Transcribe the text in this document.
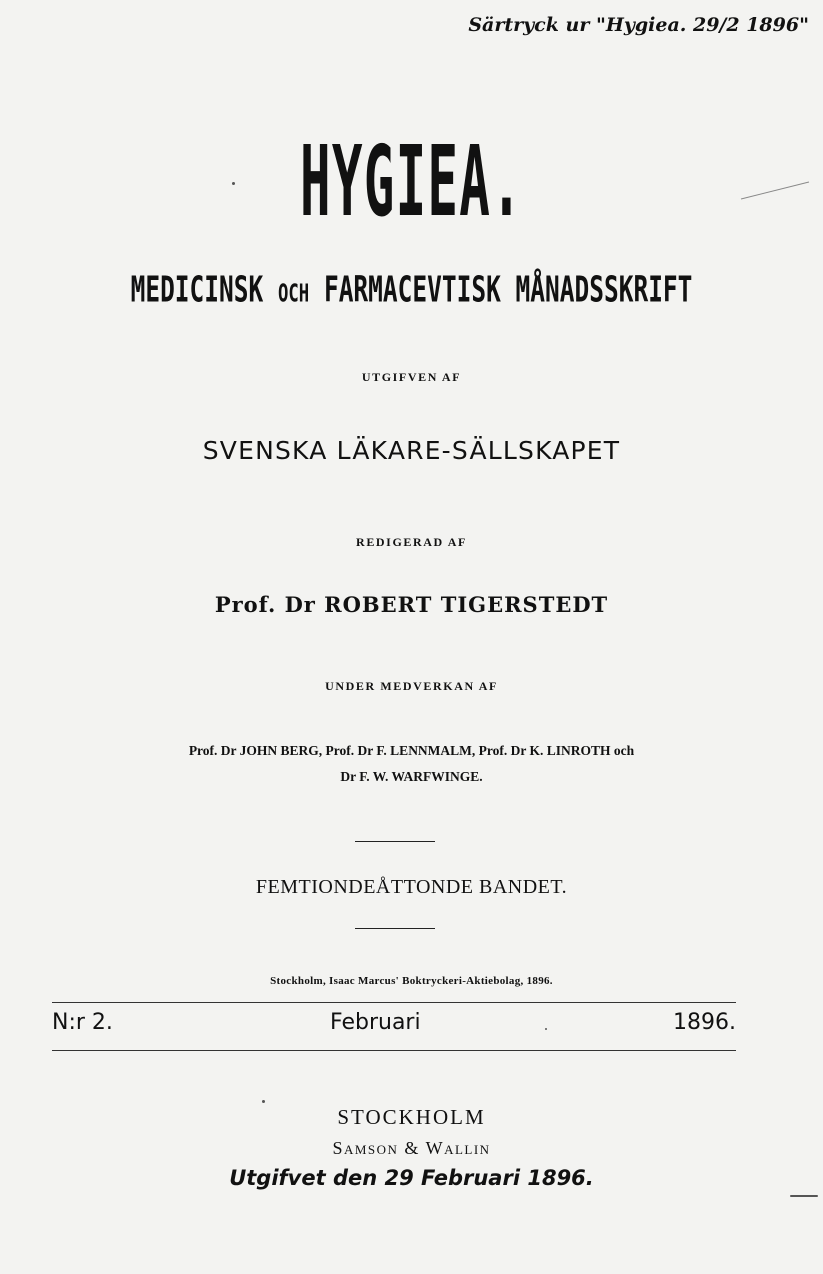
Särtryck ur "Hygiea. 29/2 1896"
HYGIEA.
MEDICINSK OCH FARMACEVTISK MÅNADSSKRIFT
UTGIFVEN AF
SVENSKA LÄKARE-SÄLLSKAPET
REDIGERAD AF
Prof. Dr ROBERT TIGERSTEDT
UNDER MEDVERKAN AF
Prof. Dr JOHN BERG, Prof. Dr F. LENNMALM, Prof. Dr K. LINROTH och
Dr F. W. WARFWINGE.
FEMTIONDEÅTTONDE BANDET.
Stockholm, Isaac Marcus' Boktryckeri-Aktiebolag, 1896.
N:r 2.	Februari	1896.
STOCKHOLM
Samson & Wallin
Utgifvet den 29 Februari 1896.
